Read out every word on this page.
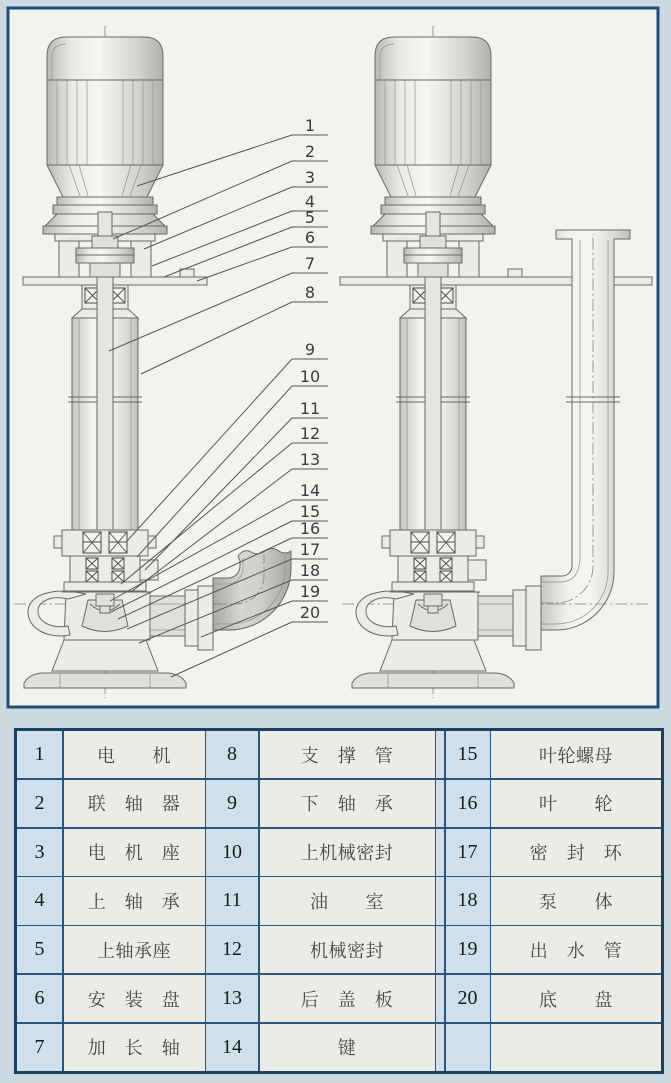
1
2
3
4
5
6
7
8
9
10
11
12
13
14
15
16
17
18
19
20
1	电　　机	8	支　撑　管	15	叶轮螺母
2	联　轴　器	9	下　轴　承	16	叶　　轮
3	电　机　座	10	上机械密封	17	密　封　环
4	上　轴　承	11	油　　室	18	泵　　体
5	上轴承座	12	机械密封	19	出　水　管
6	安　装　盘	13	后　盖　板	20	底　　盘
7	加　长　轴	14	键
